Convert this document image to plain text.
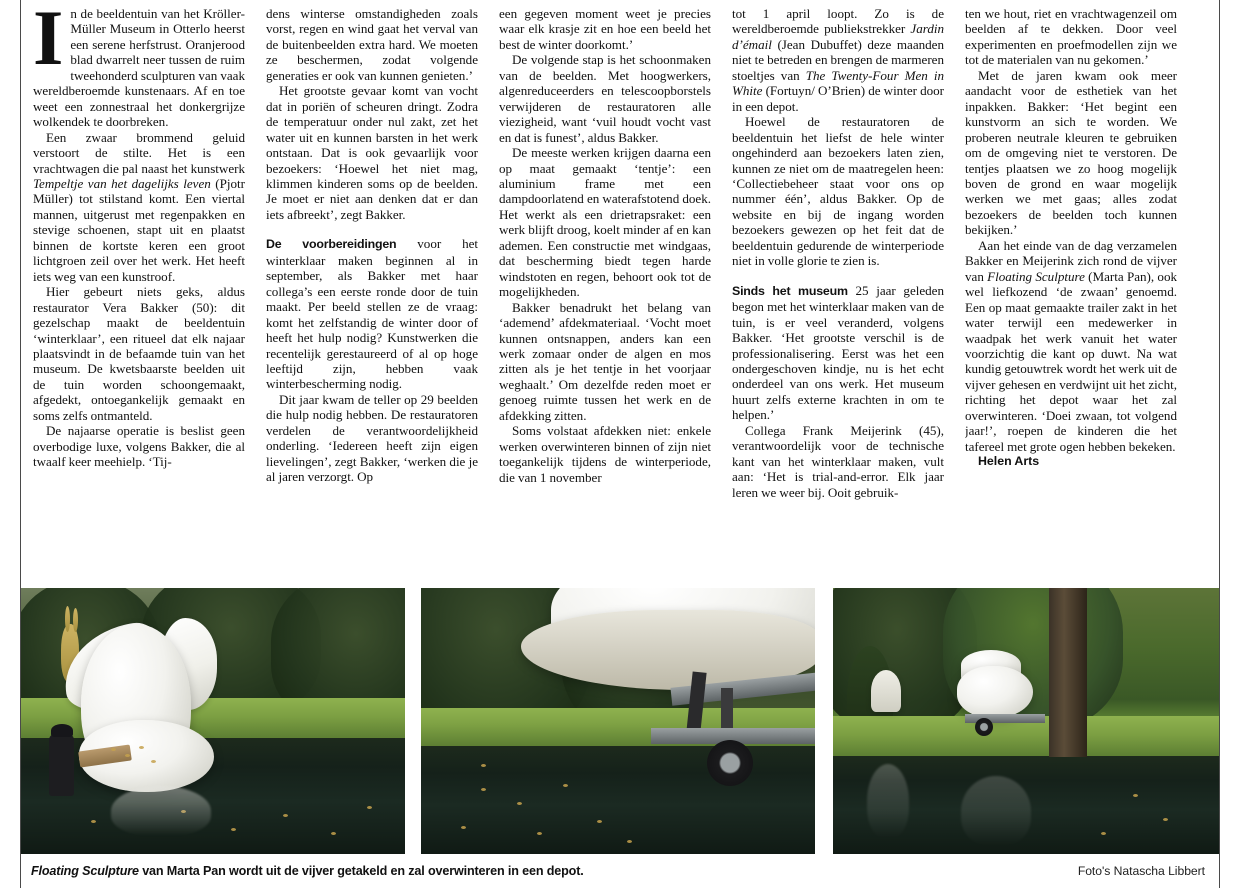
In de beeldentuin van het Kröller-Müller Museum in Otterlo heerst een serene herfstrust. Oranjerood blad dwarrelt neer tussen de ruim tweehonderd sculpturen van vaak wereldberoemde kunstenaars. Af en toe weet een zonnestraal het donkergrijze wolkendek te doorbreken.

Een zwaar brommend geluid verstoort de stilte. Het is een vrachtwagen die pal naast het kunstwerk Tempeltje van het dagelijks leven (Pjotr Müller) tot stilstand komt. Een viertal mannen, uitgerust met regenpakken en stevige schoenen, stapt uit en plaatst binnen de kortste keren een groot lichtgroen zeil over het werk. Het heeft iets weg van een kunstroof.

Hier gebeurt niets geks, aldus restaurator Vera Bakker (50): dit gezelschap maakt de beeldentuin ‘winterklaar’, een ritueel dat elk najaar plaatsvindt in de befaamde tuin van het museum. De kwetsbaarste beelden uit de tuin worden schoongemaakt, afgedekt, ontoegankelijk gemaakt en soms zelfs ontmanteld.

De najaarse operatie is beslist geen overbodige luxe, volgens Bakker, die al twaalf keer meehielp. ‘Tij-

dens winterse omstandigheden zoals vorst, regen en wind gaat het verval van de buitenbeelden extra hard. We moeten ze beschermen, zodat volgende generaties er ook van kunnen genieten.’

Het grootste gevaar komt van vocht dat in poriën of scheuren dringt. Zodra de temperatuur onder nul zakt, zet het water uit en kunnen barsten in het werk ontstaan. Dat is ook gevaarlijk voor bezoekers: ‘Hoewel het niet mag, klimmen kinderen soms op de beelden. Je moet er niet aan denken dat er dan iets afbreekt’, zegt Bakker.

De voorbereidingen voor het winterklaar maken beginnen al in september, als Bakker met haar collega’s een eerste ronde door de tuin maakt. Per beeld stellen ze de vraag: komt het zelfstandig de winter door of heeft het hulp nodig? Kunstwerken die recentelijk gerestaureerd of al op hoge leeftijd zijn, hebben vaak winterbescherming nodig.

Dit jaar kwam de teller op 29 beelden die hulp nodig hebben. De restauratoren verdelen de verantwoordelijkheid onderling. ‘Iedereen heeft zijn eigen lievelingen’, zegt Bakker, ‘werken die je al jaren verzorgt. Op

een gegeven moment weet je precies waar elk krasje zit en hoe een beeld het best de winter doorkomt.’

De volgende stap is het schoonmaken van de beelden. Met hoogwerkers, algenreduceerders en telescoopborstels verwijderen de restauratoren alle viezigheid, want ‘vuil houdt vocht vast en dat is funest’, aldus Bakker.

De meeste werken krijgen daarna een op maat gemaakt ‘tentje’: een aluminium frame met een dampdoorlatend en waterafstotend doek. Het werkt als een drietrapsraket: een werk blijft droog, koelt minder af en kan ademen. Een constructie met windgaas, dat bescherming biedt tegen harde windstoten en regen, behoort ook tot de mogelijkheden.

Bakker benadrukt het belang van ‘ademend’ afdekmateriaal. ‘Vocht moet kunnen ontsnappen, anders kan een werk zomaar onder de algen en mos zitten als je het tentje in het voorjaar weghaalt.’ Om dezelfde reden moet er genoeg ruimte tussen het werk en de afdekking zitten.

Soms volstaat afdekken niet: enkele werken overwinteren binnen of zijn niet toegankelijk tijdens de winterperiode, die van 1 november

tot 1 april loopt. Zo is de wereldberoemde publiekstrekker Jardin d’émail (Jean Dubuffet) deze maanden niet te betreden en brengen de marmeren stoeltjes van The Twenty-Four Men in White (Fortuyn/ O’Brien) de winter door in een depot.

Hoewel de restauratoren de beeldentuin het liefst de hele winter ongehinderd aan bezoekers laten zien, kunnen ze niet om de maatregelen heen: ‘Collectiebeheer staat voor ons op nummer één’, aldus Bakker. Op de website en bij de ingang worden bezoekers gewezen op het feit dat de beeldentuin gedurende de winterperiode niet in volle glorie te zien is.

Sinds het museum 25 jaar geleden begon met het winterklaar maken van de tuin, is er veel veranderd, volgens Bakker. ‘Het grootste verschil is de professionalisering. Eerst was het een ondergeschoven kindje, nu is het echt onderdeel van ons werk. Het museum huurt zelfs externe krachten in om te helpen.’

Collega Frank Meijerink (45), verantwoordelijk voor de technische kant van het winterklaar maken, vult aan: ‘Het is trial-and-error. Elk jaar leren we weer bij. Ooit gebruik-

ten we hout, riet en vrachtwagenzeil om beelden af te dekken. Door veel experimenten en proefmodellen zijn we tot de materialen van nu gekomen.’

Met de jaren kwam ook meer aandacht voor de esthetiek van het inpakken. Bakker: ‘Het begint een kunstvorm an sich te worden. We proberen neutrale kleuren te gebruiken om de omgeving niet te verstoren. De tentjes plaatsen we zo hoog mogelijk boven de grond en waar mogelijk werken we met gaas; alles zodat bezoekers de beelden toch kunnen bekijken.’

Aan het einde van de dag verzamelen Bakker en Meijerink zich rond de vijver van Floating Sculpture (Marta Pan), ook wel liefkozend ‘de zwaan’ genoemd. Een op maat gemaakte trailer zakt in het water terwijl een medewerker in waadpak het werk vanuit het water voorzichtig die kant op duwt. Na wat kundig getouwtrek wordt het werk uit de vijver gehesen en verdwijnt uit het zicht, richting het depot waar het zal overwinteren. ‘Doei zwaan, tot volgend jaar!’, roepen de kinderen die het tafereel met grote ogen hebben bekeken.

Helen Arts

Floating Sculpture van Marta Pan wordt uit de vijver getakeld en zal overwinteren in een depot.	Foto's Natascha Libbert
